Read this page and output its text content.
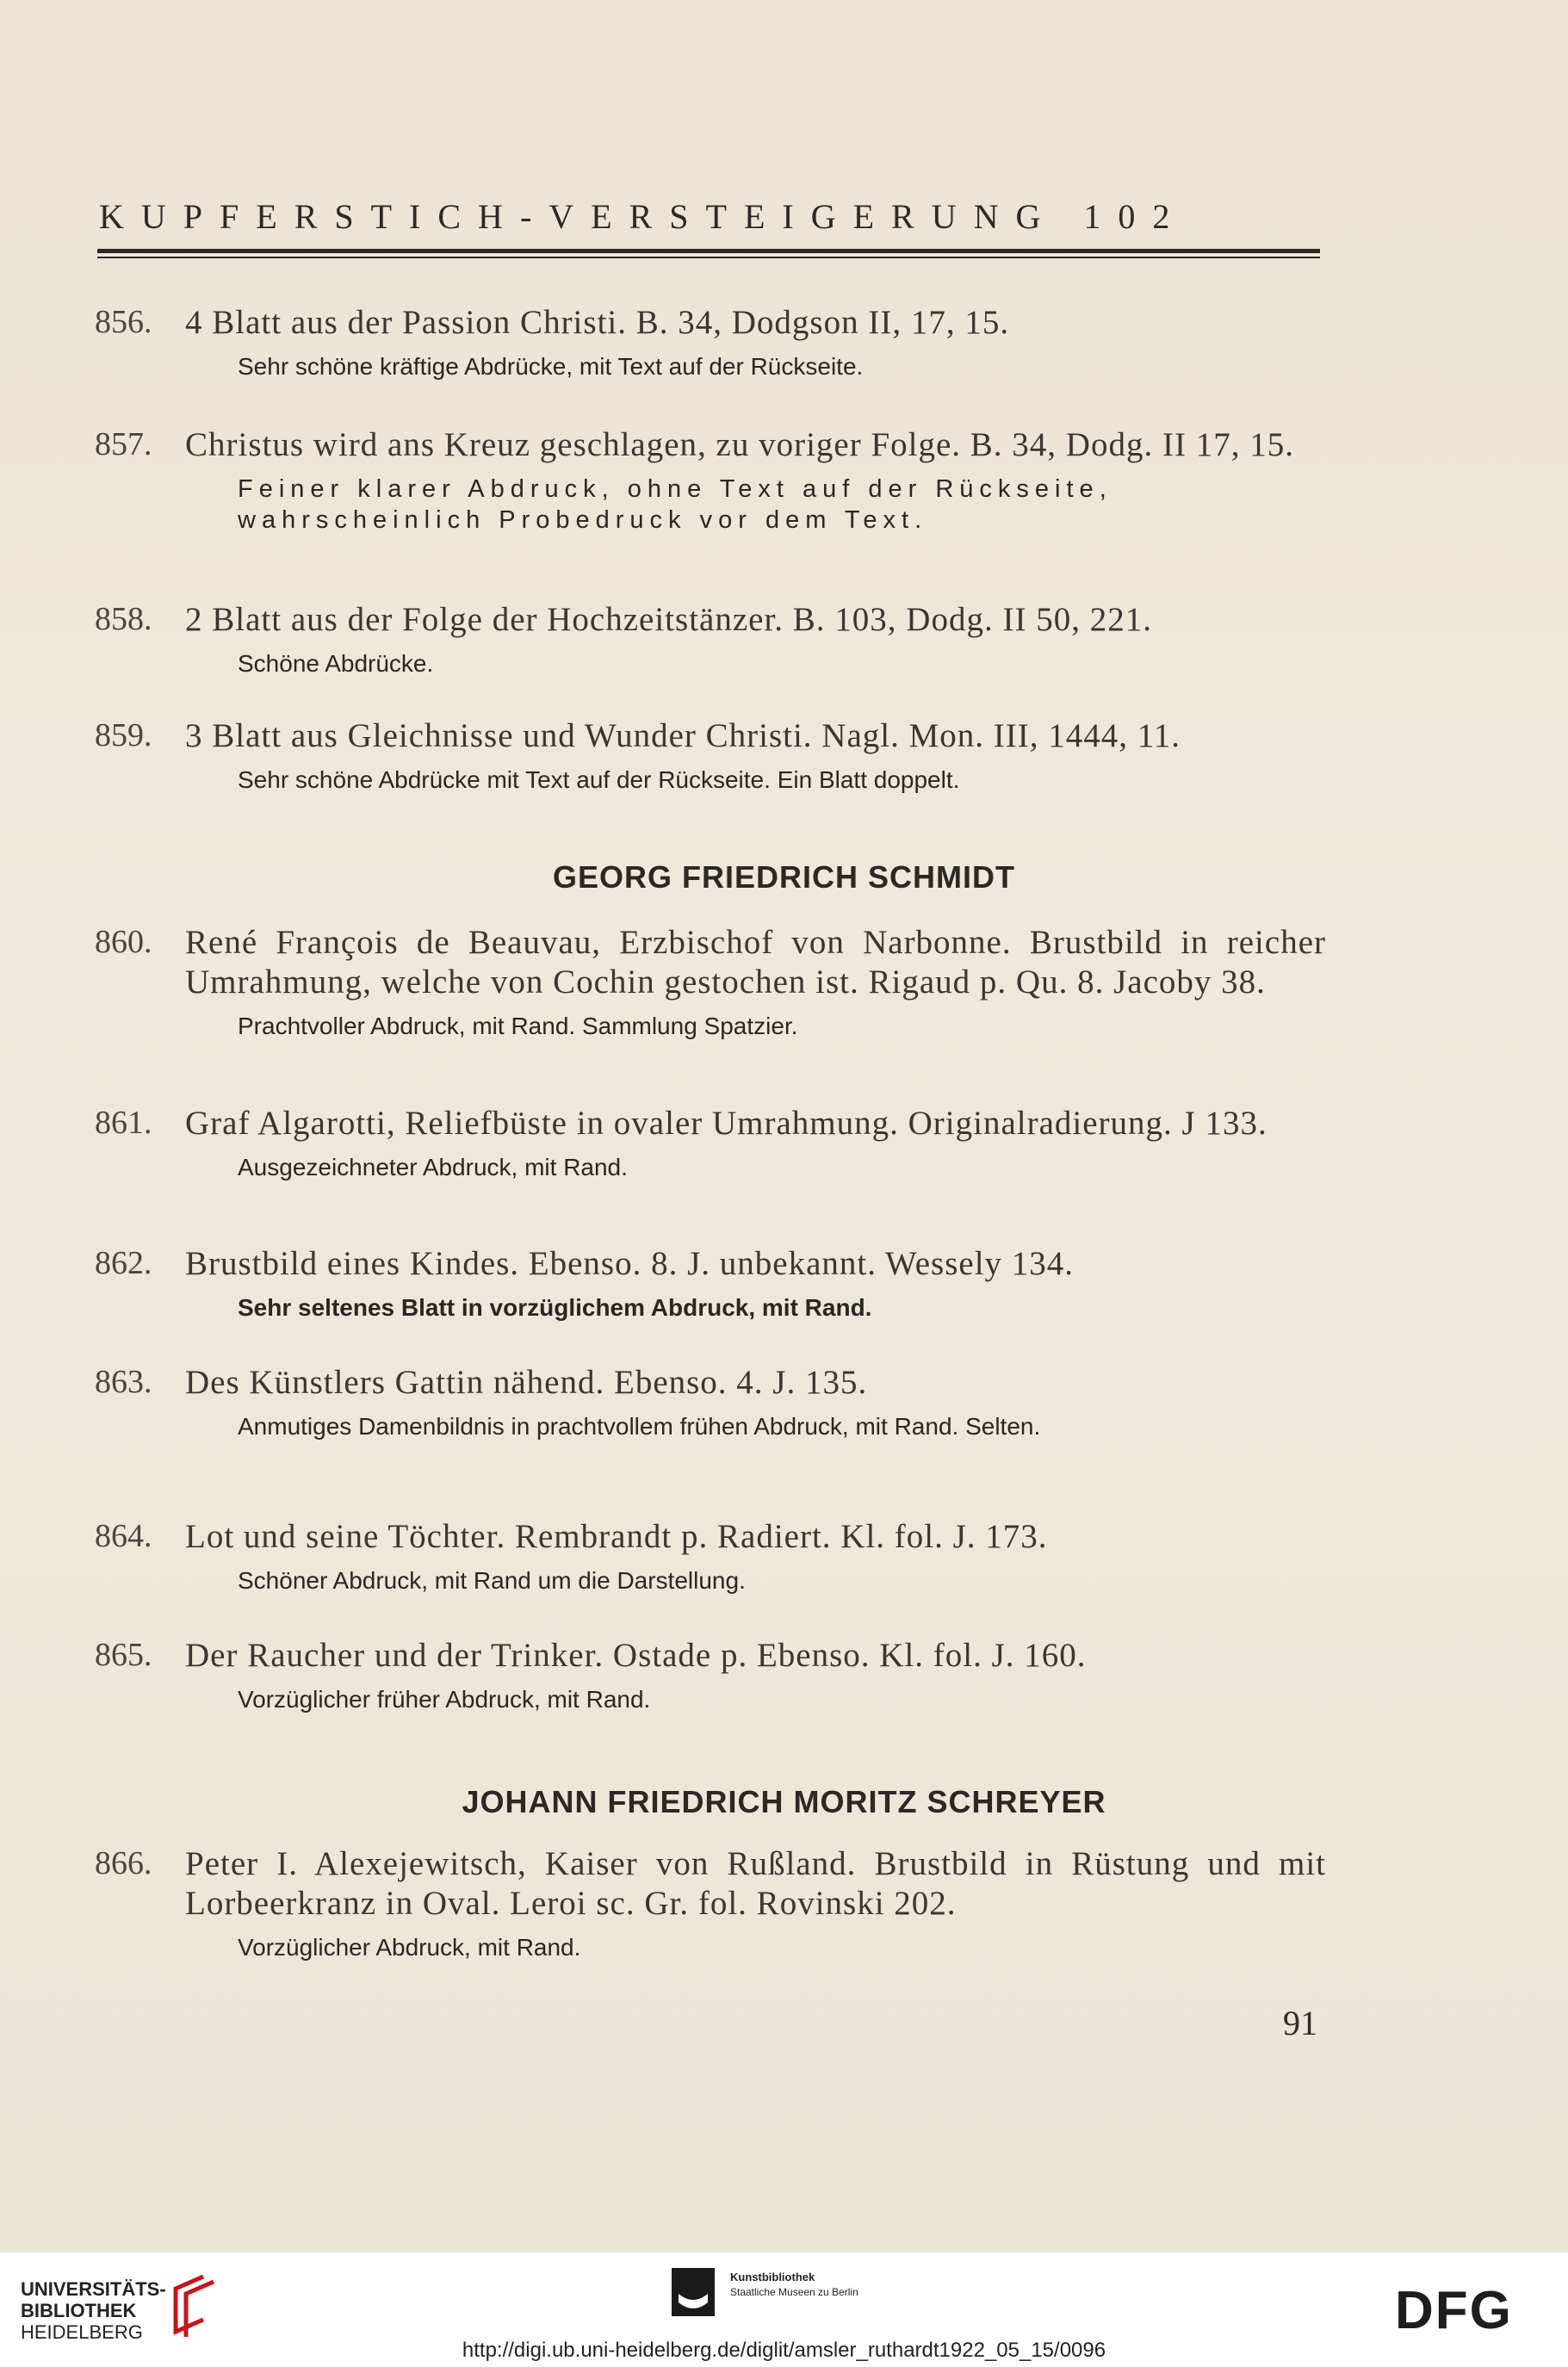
KUPFERSTICH-VERSTEIGERUNG 102
856. 4 Blatt aus der Passion Christi. B. 34, Dodgson II, 17, 15.
Sehr schöne kräftige Abdrücke, mit Text auf der Rückseite.
857. Christus wird ans Kreuz geschlagen, zu voriger Folge. B. 34, Dodg. II 17, 15.
Feiner klarer Abdruck, ohne Text auf der Rückseite, wahrscheinlich Probedruck vor dem Text.
858. 2 Blatt aus der Folge der Hochzeitstänzer. B. 103, Dodg. II 50, 221.
Schöne Abdrücke.
859. 3 Blatt aus Gleichnisse und Wunder Christi. Nagl. Mon. III, 1444, 11.
Sehr schöne Abdrücke mit Text auf der Rückseite. Ein Blatt doppelt.
GEORG FRIEDRICH SCHMIDT
860. René François de Beauvau, Erzbischof von Narbonne. Brustbild in reicher Umrahmung, welche von Cochin gestochen ist. Rigaud p. Qu. 8. Jacoby 38.
Prachtvoller Abdruck, mit Rand. Sammlung Spatzier.
861. Graf Algarotti, Reliefbüste in ovaler Umrahmung. Originalradierung. J 133.
Ausgezeichneter Abdruck, mit Rand.
862. Brustbild eines Kindes. Ebenso. 8. J. unbekannt. Wessely 134.
Sehr seltenes Blatt in vorzüglichem Abdruck, mit Rand.
863. Des Künstlers Gattin nähend. Ebenso. 4. J. 135.
Anmutiges Damenbildnis in prachtvollem frühen Abdruck, mit Rand. Selten.
864. Lot und seine Töchter. Rembrandt p. Radiert. Kl. fol. J. 173.
Schöner Abdruck, mit Rand um die Darstellung.
865. Der Raucher und der Trinker. Ostade p. Ebenso. Kl. fol. J. 160.
Vorzüglicher früher Abdruck, mit Rand.
JOHANN FRIEDRICH MORITZ SCHREYER
866. Peter I. Alexejewitsch, Kaiser von Rußland. Brustbild in Rüstung und mit Lorbeerkranz in Oval. Leroi sc. Gr. fol. Rovinski 202.
Vorzüglicher Abdruck, mit Rand.
91
UNIVERSITÄTS-
BIBLIOTHEK
HEIDELBERG
Kunstbibliothek
Staatliche Museen zu Berlin	DFG
http://digi.ub.uni-heidelberg.de/diglit/amsler_ruthardt1922_05_15/0096
